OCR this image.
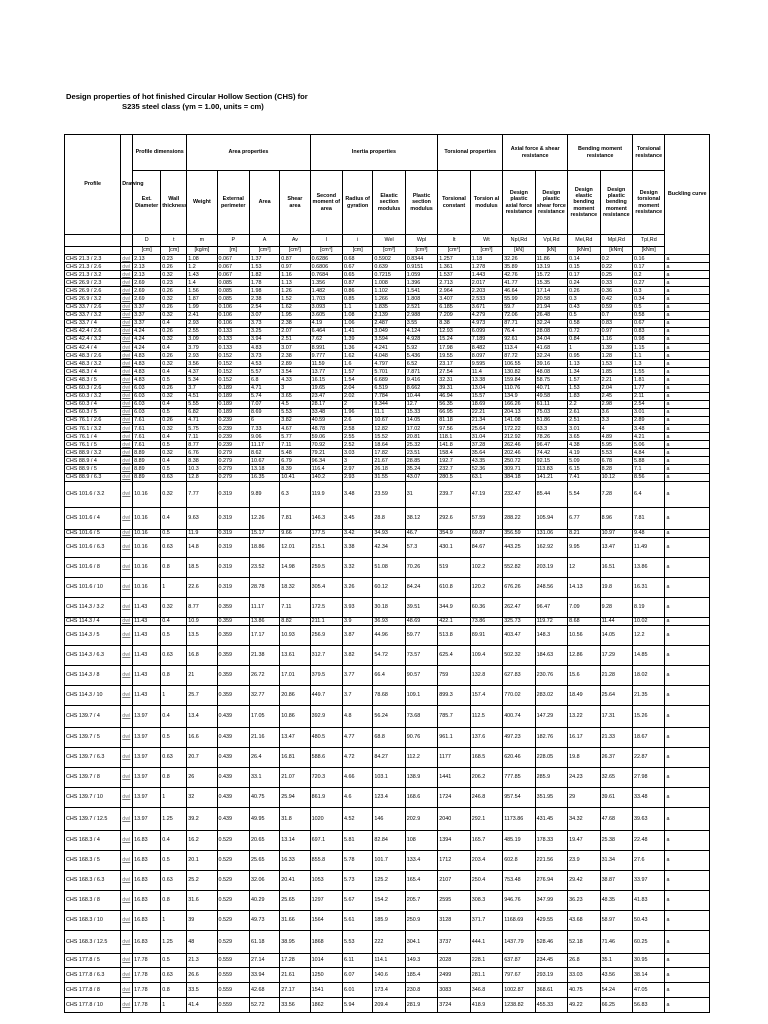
Design properties of hot finished Circular Hollow Section (CHS) for
S235 steel class (γm = 1.00, units = cm)
Profile	Drawing	Profile dimensions		Area properties				Inertia properties				Torsional properties		Axial force & shear resistance		Bending moment resistance		Torsional resistance	Buckling curve
		Ext. Diameter	Wall thickness	Weight	External perimeter	Area	Shear area	Second moment of area	Radius of gyration	Elastic section modulus	Plastic section modulus	Torsional constant	Torsion al modulus	Design plastic axial force resistance	Design plastic shear force resistance	Design elastic bending moment resistance	Design plastic bending moment resistance	Design torsional moment resistance	
		D	t	m	P	A	Av	I	i	Wel	Wpl	It	Wt	Npl,Rd	Vpl,Rd	Mel,Rd	Mpl,Rd	Tpl,Rd	
		[cm]	[cm]	[kg/m]	[m]	[cm²]	[cm²]	[cm⁴]	[cm]	[cm³]	[cm³]	[cm⁴]	[cm³]	[kN]	[kN]	[kNm]	[kNm]	[kNm]	
CHS 21.3 / 2.3	dwl	2.13	0.23	1.08	0.067	1.37	0.87	0.6286	0.68	0.5902	0.8344	1.257	1.18	32.26	11.86	0.14	0.2	0.16	a
CHS 21.3 / 2.6	dwl	2.13	0.26	1.2	0.067	1.53	0.97	0.6806	0.67	0.639	0.9151	1.361	1.278	35.89	13.19	0.15	0.22	0.17	a
CHS 21.3 / 3.2	dwl	2.13	0.32	1.43	0.067	1.82	1.16	0.7684	0.65	0.7215	1.059	1.537	1.443	42.76	15.72	0.17	0.25	0.2	a
CHS 26.9 / 2.3	dwl	2.69	0.23	1.4	0.085	1.78	1.13	1.356	0.87	1.008	1.396	2.713	2.017	41.77	15.35	0.24	0.33	0.27	a
CHS 26.9 / 2.6	dwl	2.69	0.26	1.56	0.085	1.98	1.26	1.482	0.86	1.102	1.541	2.964	2.203	46.64	17.14	0.26	0.36	0.3	a
CHS 26.9 / 3.2	dwl	2.69	0.32	1.87	0.085	2.38	1.52	1.703	0.85	1.266	1.808	3.407	2.533	55.99	20.58	0.3	0.42	0.34	a
CHS 33.7 / 2.6	dwl	3.37	0.26	1.99	0.106	2.54	1.62	3.093	1.1	1.835	2.521	6.185	3.671	59.7	21.94	0.43	0.59	0.5	a
CHS 33.7 / 3.2	dwl	3.37	0.32	2.41	0.106	3.07	1.95	3.605	1.08	2.139	2.988	7.209	4.279	72.06	26.48	0.5	0.7	0.58	a
CHS 33.7 / 4	dwl	3.37	0.4	2.93	0.106	3.73	2.38	4.19	1.06	2.487	3.55	8.38	4.973	87.71	32.24	0.58	0.83	0.67	a
CHS 42.4 / 2.6	dwl	4.24	0.26	2.55	0.133	3.25	2.07	6.464	1.41	3.049	4.124	12.93	6.099	76.4	28.08	0.72	0.97	0.83	a
CHS 42.4 / 3.2	dwl	4.24	0.32	3.09	0.133	3.94	2.51	7.62	1.39	3.594	4.928	15.24	7.189	92.61	34.04	0.84	1.16	0.98	a
CHS 42.4 / 4	dwl	4.24	0.4	3.79	0.133	4.83	3.07	8.991	1.36	4.241	5.92	17.98	8.482	113.4	41.68	1	1.39	1.15	a
CHS 48.3 / 2.6	dwl	4.83	0.26	2.93	0.152	3.73	2.38	9.777	1.62	4.048	5.436	19.55	8.097	87.72	32.24	0.95	1.28	1.1	a
CHS 48.3 / 3.2	dwl	4.83	0.32	3.56	0.152	4.53	2.89	11.59	1.6	4.797	6.52	23.17	9.595	106.55	39.16	1.13	1.53	1.3	a
CHS 48.3 / 4	dwl	4.83	0.4	4.37	0.152	5.57	3.54	13.77	1.57	5.701	7.871	27.54	11.4	130.82	48.08	1.34	1.85	1.55	a
CHS 48.3 / 5	dwl	4.83	0.5	5.34	0.152	6.8	4.33	16.15	1.54	6.689	9.416	32.31	13.38	159.84	58.75	1.57	2.21	1.81	a
CHS 60.3 / 2.6	dwl	6.03	0.26	3.7	0.189	4.71	3	19.65	2.04	6.519	8.662	39.31	13.04	110.76	40.71	1.53	2.04	1.77	a
CHS 60.3 / 3.2	dwl	6.03	0.32	4.51	0.189	5.74	3.65	23.47	2.02	7.784	10.44	46.94	15.57	134.9	49.58	1.83	2.45	2.11	a
CHS 60.3 / 4	dwl	6.03	0.4	5.55	0.189	7.07	4.5	28.17	2	9.344	12.7	56.35	18.69	166.26	61.11	2.2	2.98	2.54	a
CHS 60.3 / 5	dwl	6.03	0.5	6.82	0.189	8.69	5.53	33.48	1.96	11.1	15.33	66.95	22.21	204.13	75.03	2.61	3.6	3.01	a
CHS 76.1 / 2.6	dwl	7.61	0.26	4.71	0.239	6	3.82	40.59	2.6	10.67	14.05	81.18	21.34	141.08	51.86	2.51	3.3	2.89	a
CHS 76.1 / 3.2	dwl	7.61	0.32	5.75	0.239	7.33	4.67	48.78	2.58	12.82	17.02	97.56	25.64	172.22	63.3	3.01	4	3.48	a
CHS 76.1 / 4	dwl	7.61	0.4	7.11	0.239	9.06	5.77	59.06	2.55	15.52	20.81	118.1	31.04	212.92	78.26	3.65	4.89	4.21	a
CHS 76.1 / 5	dwl	7.61	0.5	8.77	0.239	11.17	7.11	70.92	2.52	18.64	25.32	141.8	37.28	262.46	96.47	4.38	5.95	5.06	a
CHS 88.9 / 3.2	dwl	8.89	0.32	6.76	0.279	8.62	5.48	79.21	3.03	17.82	23.51	158.4	35.64	202.46	74.42	4.19	5.53	4.84	a
CHS 88.9 / 4	dwl	8.89	0.4	8.38	0.279	10.67	6.79	96.34	3	21.67	28.85	192.7	43.35	250.72	92.15	5.09	6.78	5.88	a
CHS 88.9 / 5	dwl	8.89	0.5	10.3	0.279	13.18	8.39	116.4	2.97	26.18	35.24	232.7	52.36	309.71	113.83	6.15	8.28	7.1	a
CHS 88.9 / 6.3	dwl	8.89	0.63	12.8	0.279	16.35	10.41	140.2	2.93	31.55	43.07	280.5	63.1	384.18	141.21	7.41	10.12	8.56	a
CHS 101.6 / 3.2	dwl	10.16	0.32	7.77	0.319	9.89	6.3	119.9	3.48	23.59	31	239.7	47.19	232.47	85.44	5.54	7.28	6.4	a
CHS 101.6 / 4	dwl	10.16	0.4	9.63	0.319	12.26	7.81	146.3	3.45	28.8	38.12	292.6	57.59	288.22	105.94	6.77	8.96	7.81	a
CHS 101.6 / 5	dwl	10.16	0.5	11.9	0.319	15.17	9.66	177.5	3.42	34.93	46.7	354.9	69.87	356.59	131.06	8.21	10.97	9.48	a
CHS 101.6 / 6.3	dwl	10.16	0.63	14.8	0.319	18.86	12.01	215.1	3.38	42.34	57.3	430.1	84.67	443.25	162.92	9.95	13.47	11.49	a
CHS 101.6 / 8	dwl	10.16	0.8	18.5	0.319	23.52	14.98	259.5	3.32	51.08	70.26	519	102.2	552.82	203.19	12	16.51	13.86	a
CHS 101.6 / 10	dwl	10.16	1	22.6	0.319	28.78	18.32	305.4	3.26	60.12	84.24	610.8	120.2	676.26	248.56	14.13	19.8	16.31	a
CHS 114.3 / 3.2	dwl	11.43	0.32	8.77	0.359	11.17	7.11	172.5	3.93	30.18	39.51	344.9	60.36	262.47	96.47	7.09	9.28	8.19	a
CHS 114.3 / 4	dwl	11.43	0.4	10.9	0.359	13.86	8.82	211.1	3.9	36.93	48.69	422.1	73.86	325.73	119.72	8.68	11.44	10.02	a
CHS 114.3 / 5	dwl	11.43	0.5	13.5	0.359	17.17	10.93	256.9	3.87	44.96	59.77	513.8	89.91	403.47	148.3	10.56	14.05	12.2	a
CHS 114.3 / 6.3	dwl	11.43	0.63	16.8	0.359	21.38	13.61	312.7	3.82	54.72	73.57	625.4	109.4	502.32	184.63	12.86	17.29	14.85	a
CHS 114.3 / 8	dwl	11.43	0.8	21	0.359	26.72	17.01	379.5	3.77	66.4	90.57	759	132.8	627.83	230.76	15.6	21.28	18.02	a
CHS 114.3 / 10	dwl	11.43	1	25.7	0.359	32.77	20.86	449.7	3.7	78.68	109.1	899.3	157.4	770.02	283.02	18.49	25.64	21.35	a
CHS 139.7 / 4	dwl	13.97	0.4	13.4	0.439	17.05	10.86	392.9	4.8	56.24	73.68	785.7	112.5	400.74	147.29	13.22	17.31	15.26	a
CHS 139.7 / 5	dwl	13.97	0.5	16.6	0.439	21.16	13.47	480.5	4.77	68.8	90.76	961.1	137.6	497.23	182.76	16.17	21.33	18.67	a
CHS 139.7 / 6.3	dwl	13.97	0.63	20.7	0.439	26.4	16.81	588.6	4.72	84.27	112.2	1177	168.5	620.46	228.05	19.8	26.37	22.87	a
CHS 139.7 / 8	dwl	13.97	0.8	26	0.439	33.1	21.07	720.3	4.66	103.1	138.9	1441	206.2	777.85	285.9	24.23	32.65	27.98	a
CHS 139.7 / 10	dwl	13.97	1	32	0.439	40.75	25.94	861.9	4.6	123.4	168.6	1724	246.8	957.54	351.95	29	39.61	33.48	a
CHS 139.7 / 12.5	dwl	13.97	1.25	39.2	0.439	49.95	31.8	1020	4.52	146	202.9	2040	292.1	1173.86	431.45	34.32	47.68	39.63	a
CHS 168.3 / 4	dwl	16.83	0.4	16.2	0.529	20.65	13.14	697.1	5.81	82.84	108	1394	165.7	485.19	178.33	19.47	25.38	22.48	a
CHS 168.3 / 5	dwl	16.83	0.5	20.1	0.529	25.65	16.33	855.8	5.78	101.7	133.4	1712	203.4	602.8	221.56	23.9	31.34	27.6	a
CHS 168.3 / 6.3	dwl	16.83	0.63	25.2	0.529	32.06	20.41	1053	5.73	125.2	165.4	2107	250.4	753.48	276.94	29.42	38.87	33.97	a
CHS 168.3 / 8	dwl	16.83	0.8	31.6	0.529	40.29	25.65	1297	5.67	154.2	205.7	2595	308.3	946.76	347.99	36.23	48.35	41.83	a
CHS 168.3 / 10	dwl	16.83	1	39	0.529	49.73	31.66	1564	5.61	185.9	250.9	3128	371.7	1168.69	429.55	43.68	58.97	50.43	a
CHS 168.3 / 12.5	dwl	16.83	1.25	48	0.529	61.18	38.95	1868	5.53	222	304.1	3737	444.1	1437.79	528.46	52.18	71.46	60.25	a
CHS 177.8 / 5	dwl	17.78	0.5	21.3	0.559	27.14	17.28	1014	6.11	114.1	149.3	2028	228.1	637.87	234.45	26.8	35.1	30.95	a
CHS 177.8 / 6.3	dwl	17.78	0.63	26.6	0.559	33.94	21.61	1250	6.07	140.6	185.4	2499	281.1	797.67	293.19	33.03	43.56	38.14	a
CHS 177.8 / 8	dwl	17.78	0.8	33.5	0.559	42.68	27.17	1541	6.01	173.4	230.8	3083	346.8	1002.87	368.61	40.75	54.24	47.05	a
CHS 177.8 / 10	dwl	17.78	1	41.4	0.559	52.72	33.56	1862	5.94	209.4	281.9	3724	418.9	1238.82	455.33	49.22	66.25	56.83	a
